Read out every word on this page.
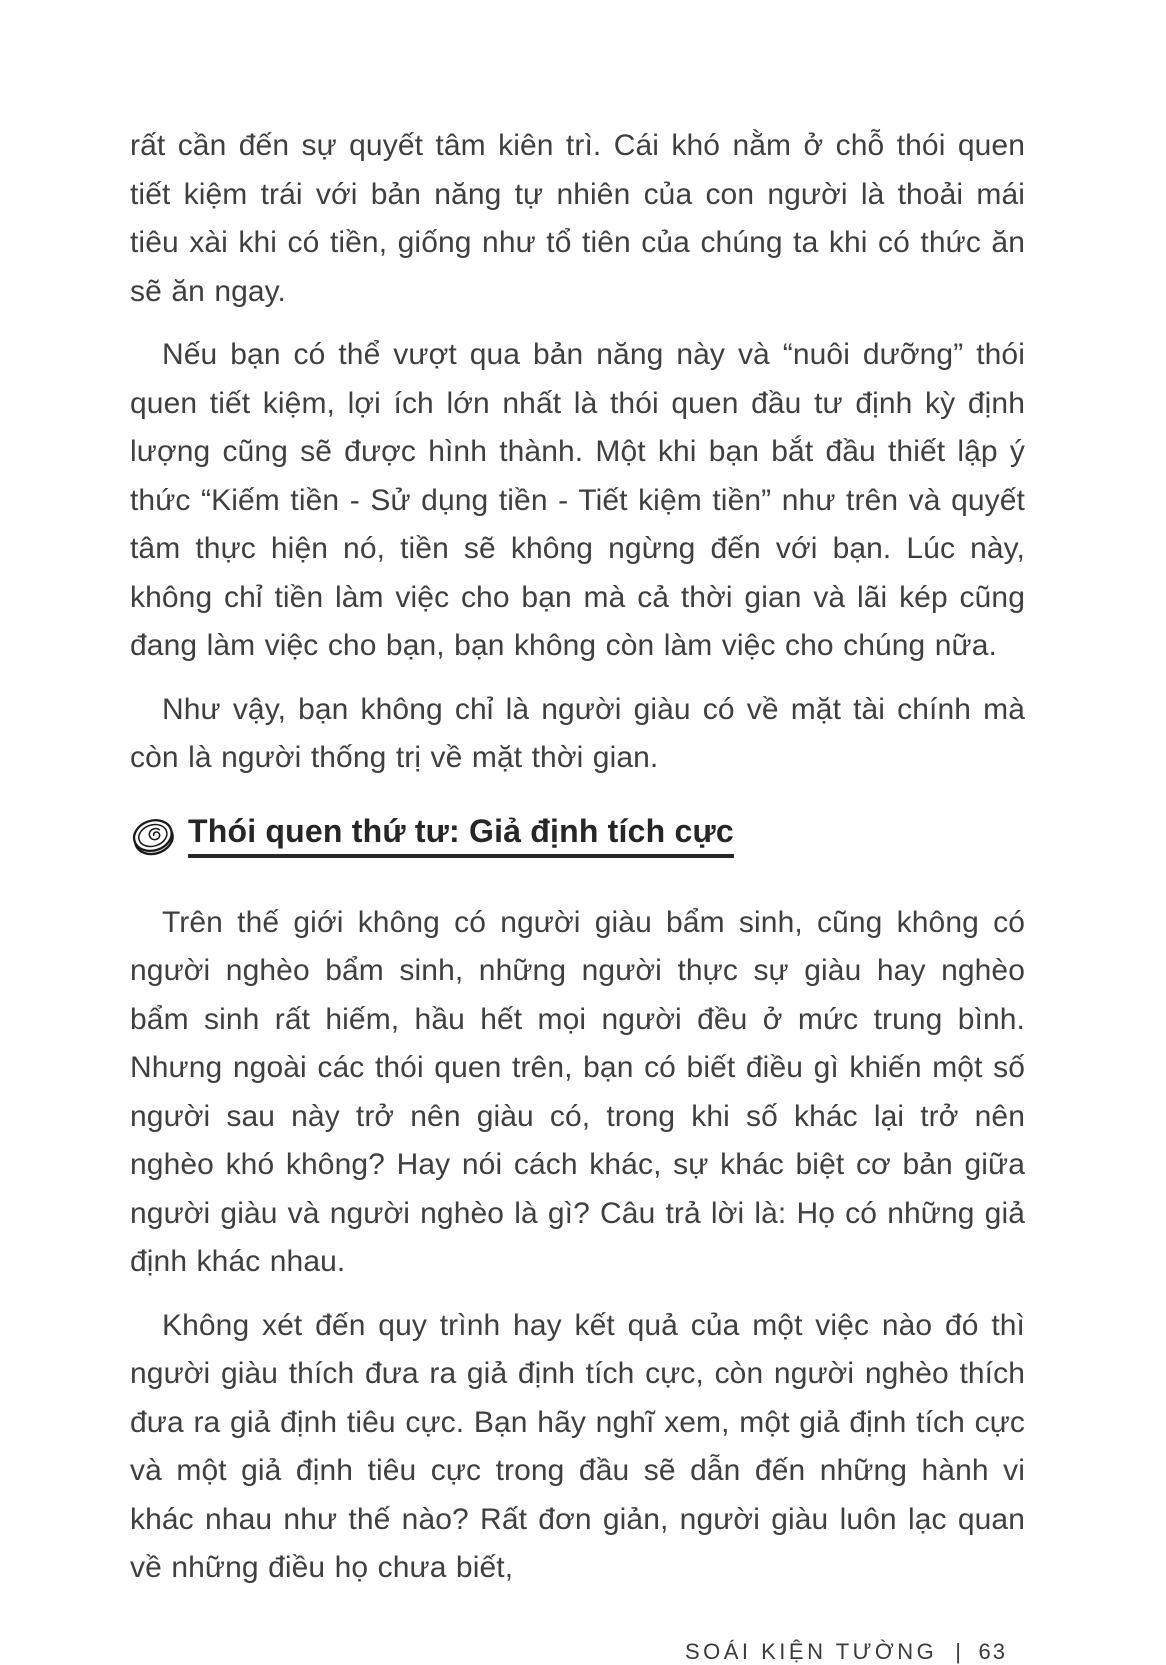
rất cần đến sự quyết tâm kiên trì. Cái khó nằm ở chỗ thói quen tiết kiệm trái với bản năng tự nhiên của con người là thoải mái tiêu xài khi có tiền, giống như tổ tiên của chúng ta khi có thức ăn sẽ ăn ngay.

Nếu bạn có thể vượt qua bản năng này và “nuôi dưỡng” thói quen tiết kiệm, lợi ích lớn nhất là thói quen đầu tư định kỳ định lượng cũng sẽ được hình thành. Một khi bạn bắt đầu thiết lập ý thức “Kiếm tiền - Sử dụng tiền - Tiết kiệm tiền” như trên và quyết tâm thực hiện nó, tiền sẽ không ngừng đến với bạn. Lúc này, không chỉ tiền làm việc cho bạn mà cả thời gian và lãi kép cũng đang làm việc cho bạn, bạn không còn làm việc cho chúng nữa.

Như vậy, bạn không chỉ là người giàu có về mặt tài chính mà còn là người thống trị về mặt thời gian.

Thói quen thứ tư: Giả định tích cực

Trên thế giới không có người giàu bẩm sinh, cũng không có người nghèo bẩm sinh, những người thực sự giàu hay nghèo bẩm sinh rất hiếm, hầu hết mọi người đều ở mức trung bình. Nhưng ngoài các thói quen trên, bạn có biết điều gì khiến một số người sau này trở nên giàu có, trong khi số khác lại trở nên nghèo khó không? Hay nói cách khác, sự khác biệt cơ bản giữa người giàu và người nghèo là gì? Câu trả lời là: Họ có những giả định khác nhau.

Không xét đến quy trình hay kết quả của một việc nào đó thì người giàu thích đưa ra giả định tích cực, còn người nghèo thích đưa ra giả định tiêu cực. Bạn hãy nghĩ xem, một giả định tích cực và một giả định tiêu cực trong đầu sẽ dẫn đến những hành vi khác nhau như thế nào? Rất đơn giản, người giàu luôn lạc quan về những điều họ chưa biết,

SOÁI KIỆN TƯỜNG | 63
